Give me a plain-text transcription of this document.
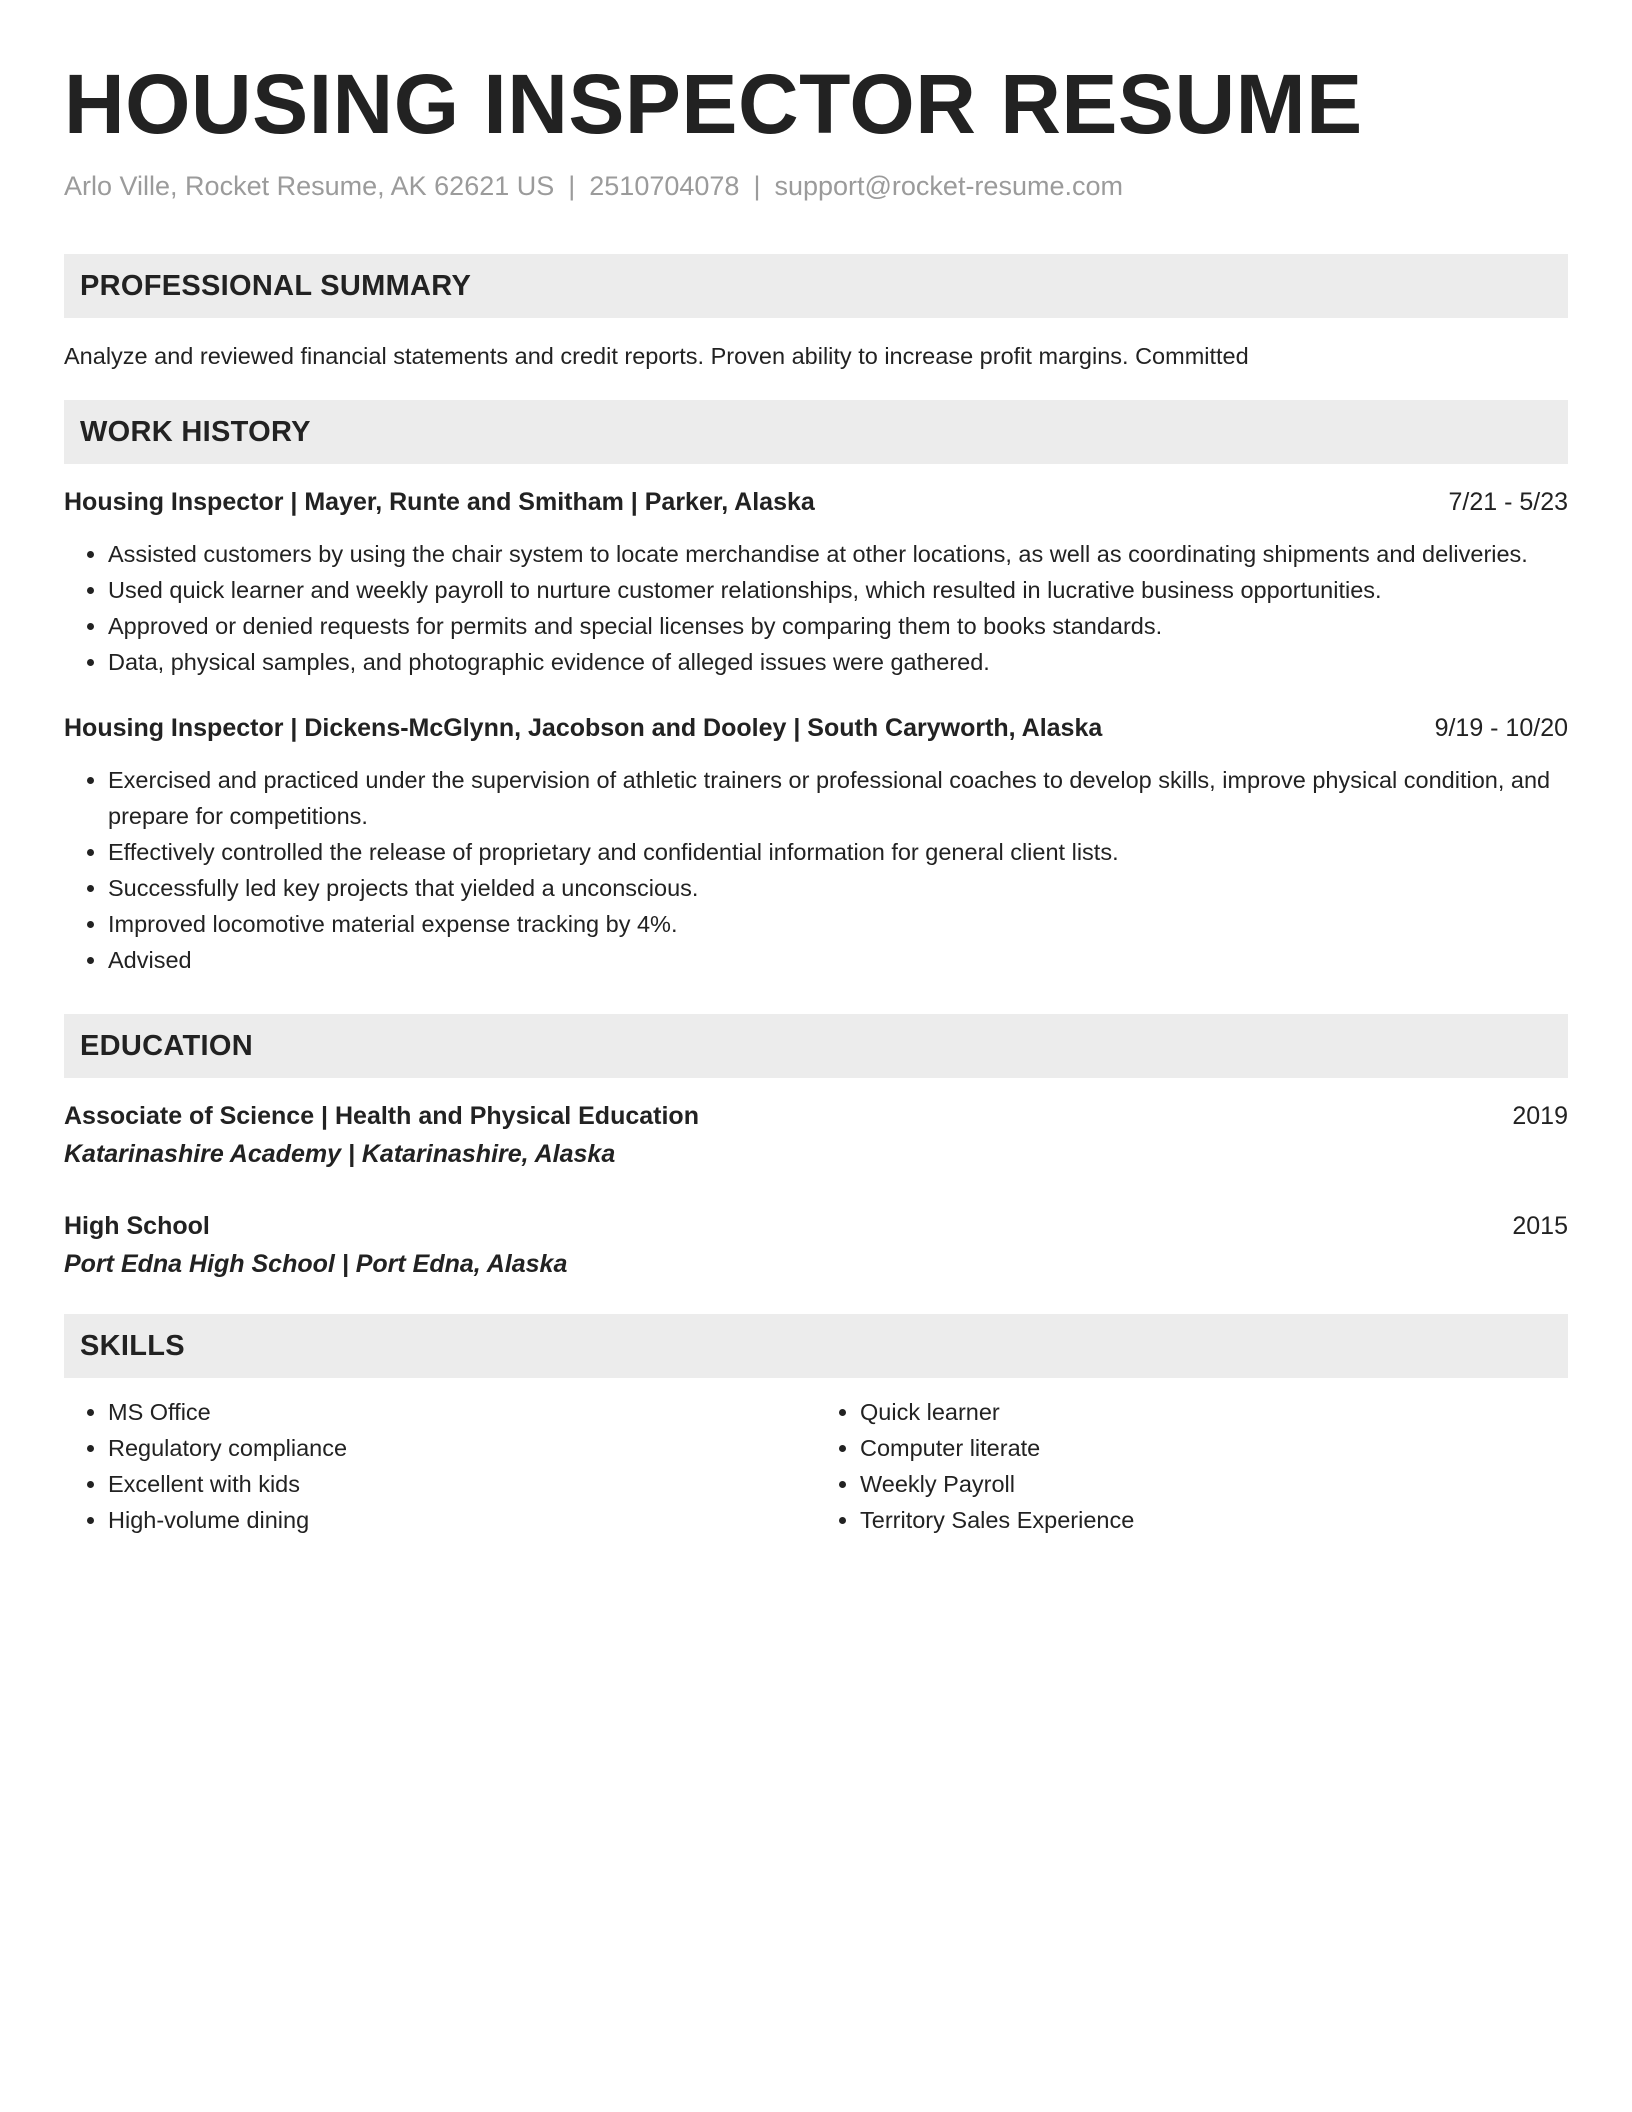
HOUSING INSPECTOR RESUME
Arlo Ville, Rocket Resume, AK 62621 US | 2510704078 | support@rocket-resume.com
PROFESSIONAL SUMMARY
Analyze and reviewed financial statements and credit reports. Proven ability to increase profit margins. Committed
WORK HISTORY
Housing Inspector | Mayer, Runte and Smitham | Parker, Alaska	7/21 - 5/23
• Assisted customers by using the chair system to locate merchandise at other locations, as well as coordinating shipments and deliveries.
• Used quick learner and weekly payroll to nurture customer relationships, which resulted in lucrative business opportunities.
• Approved or denied requests for permits and special licenses by comparing them to books standards.
• Data, physical samples, and photographic evidence of alleged issues were gathered.
Housing Inspector | Dickens-McGlynn, Jacobson and Dooley | South Caryworth, Alaska	9/19 - 10/20
• Exercised and practiced under the supervision of athletic trainers or professional coaches to develop skills, improve physical condition, and prepare for competitions.
• Effectively controlled the release of proprietary and confidential information for general client lists.
• Successfully led key projects that yielded a unconscious.
• Improved locomotive material expense tracking by 4%.
• Advised
EDUCATION
Associate of Science | Health and Physical Education	2019
Katarinashire Academy | Katarinashire, Alaska
High School	2015
Port Edna High School | Port Edna, Alaska
SKILLS
• MS Office
• Regulatory compliance
• Excellent with kids
• High-volume dining
• Quick learner
• Computer literate
• Weekly Payroll
• Territory Sales Experience
